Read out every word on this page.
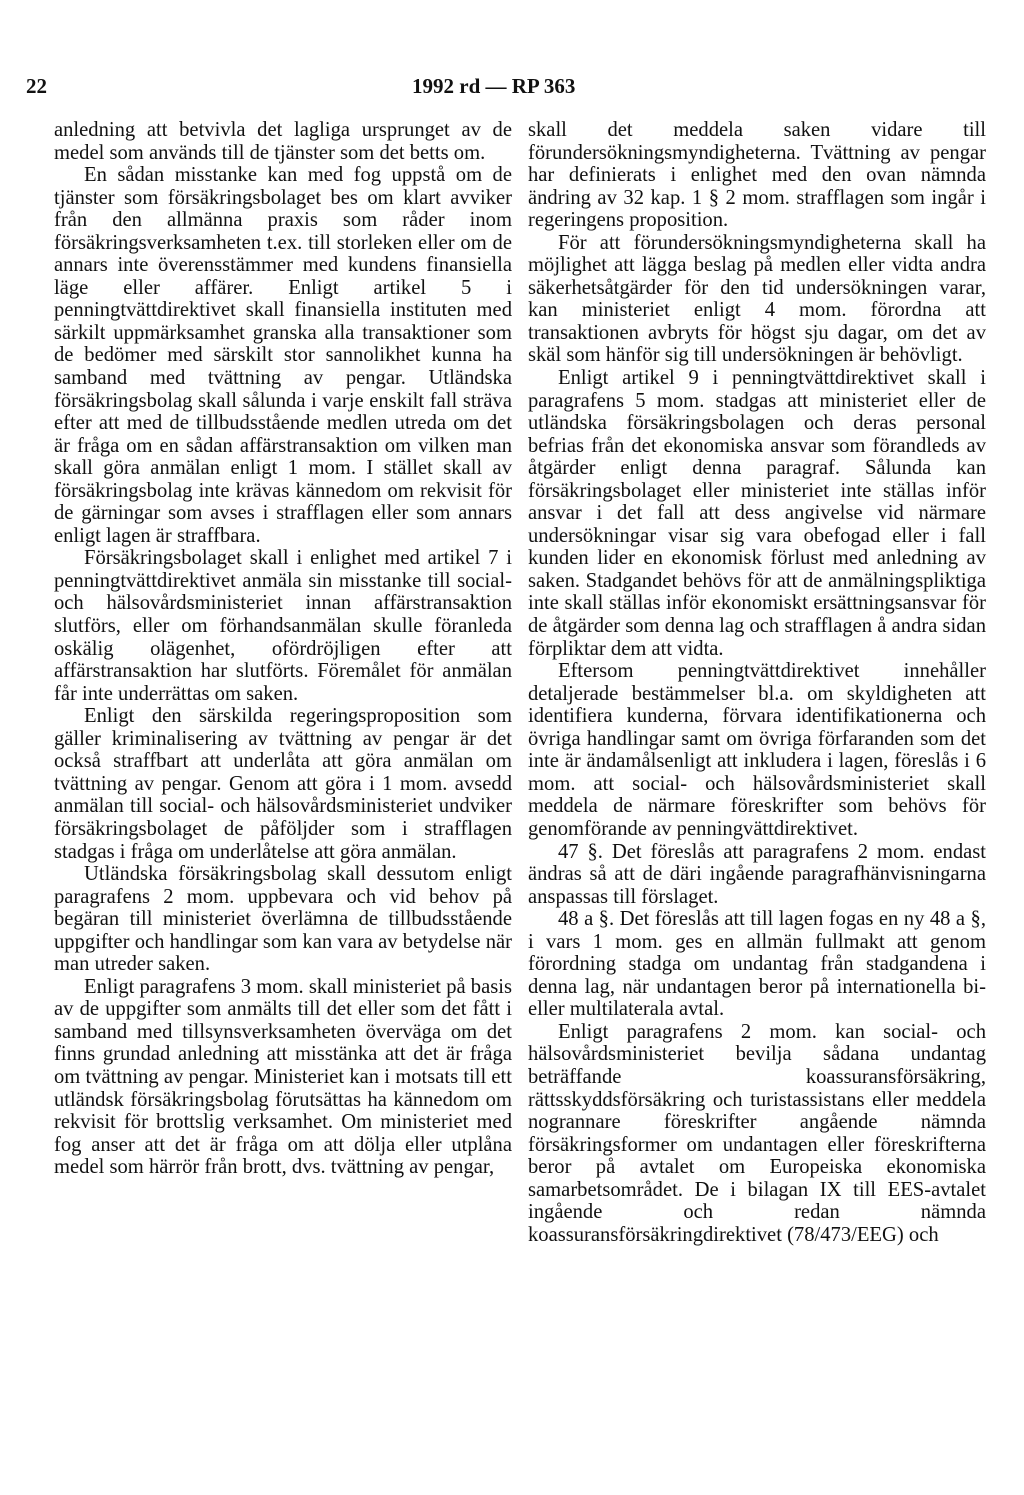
22	1992 rd — RP 363

anledning att betvivla det lagliga ursprunget av de medel som används till de tjänster som det betts om.

En sådan misstanke kan med fog uppstå om de tjänster som försäkringsbolaget bes om klart avviker från den allmänna praxis som råder inom försäkringsverksamheten t.ex. till storleken eller om de annars inte överensstämmer med kundens finansiella läge eller affärer. Enligt artikel 5 i penningtvättdirektivet skall finansiella instituten med särkilt uppmärksamhet granska alla transaktioner som de bedömer med särskilt stor sannolikhet kunna ha samband med tvättning av pengar. Utländska försäkringsbolag skall sålunda i varje enskilt fall sträva efter att med de tillbudsstående medlen utreda om det är fråga om en sådan affärstransaktion om vilken man skall göra anmälan enligt 1 mom. I stället skall av försäkringsbolag inte krävas kännedom om rekvisit för de gärningar som avses i strafflagen eller som annars enligt lagen är straffbara.

Försäkringsbolaget skall i enlighet med artikel 7 i penningtvättdirektivet anmäla sin misstanke till social- och hälsovårdsministeriet innan affärstransaktion slutförs, eller om förhandsanmälan skulle föranleda oskälig olägenhet, ofördröjligen efter att affärstransaktion har slutförts. Föremålet för anmälan får inte underrättas om saken.

Enligt den särskilda regeringsproposition som gäller kriminalisering av tvättning av pengar är det också straffbart att underlåta att göra anmälan om tvättning av pengar. Genom att göra i 1 mom. avsedd anmälan till social- och hälsovårdsministeriet undviker försäkringsbolaget de påföljder som i strafflagen stadgas i fråga om underlåtelse att göra anmälan.

Utländska försäkringsbolag skall dessutom enligt paragrafens 2 mom. uppbevara och vid behov på begäran till ministeriet överlämna de tillbudsstående uppgifter och handlingar som kan vara av betydelse när man utreder saken.

Enligt paragrafens 3 mom. skall ministeriet på basis av de uppgifter som anmälts till det eller som det fått i samband med tillsynsverksamheten överväga om det finns grundad anledning att misstänka att det är fråga om tvättning av pengar. Ministeriet kan i motsats till ett utländsk försäkringsbolag förutsättas ha kännedom om rekvisit för brottslig verksamhet. Om ministeriet med fog anser att det är fråga om att dölja eller utplåna medel som härrör från brott, dvs. tvättning av pengar,

skall det meddela saken vidare till förundersökningsmyndigheterna. Tvättning av pengar har definierats i enlighet med den ovan nämnda ändring av 32 kap. 1 § 2 mom. strafflagen som ingår i regeringens proposition.

För att förundersökningsmyndigheterna skall ha möjlighet att lägga beslag på medlen eller vidta andra säkerhetsåtgärder för den tid undersökningen varar, kan ministeriet enligt 4 mom. förordna att transaktionen avbryts för högst sju dagar, om det av skäl som hänför sig till undersökningen är behövligt.

Enligt artikel 9 i penningtvättdirektivet skall i paragrafens 5 mom. stadgas att ministeriet eller de utländska försäkringsbolagen och deras personal befrias från det ekonomiska ansvar som förandleds av åtgärder enligt denna paragraf. Sålunda kan försäkringsbolaget eller ministeriet inte ställas inför ansvar i det fall att dess angivelse vid närmare undersökningar visar sig vara obefogad eller i fall kunden lider en ekonomisk förlust med anledning av saken. Stadgandet behövs för att de anmälningspliktiga inte skall ställas inför ekonomiskt ersättningsansvar för de åtgärder som denna lag och strafflagen å andra sidan förpliktar dem att vidta.

Eftersom penningtvättdirektivet innehåller detaljerade bestämmelser bl.a. om skyldigheten att identifiera kunderna, förvara identifikationerna och övriga handlingar samt om övriga förfaranden som det inte är ändamålsenligt att inkludera i lagen, föreslås i 6 mom. att social- och hälsovårdsministeriet skall meddela de närmare föreskrifter som behövs för genomförande av penningvättdirektivet.

47 §. Det föreslås att paragrafens 2 mom. endast ändras så att de däri ingående paragrafhänvisningarna anspassas till förslaget.

48 a §. Det föreslås att till lagen fogas en ny 48 a §, i vars 1 mom. ges en allmän fullmakt att genom förordning stadga om undantag från stadgandena i denna lag, när undantagen beror på internationella bi- eller multilaterala avtal.

Enligt paragrafens 2 mom. kan social- och hälsovårdsministeriet bevilja sådana undantag beträffande koassuransförsäkring, rättsskyddsförsäkring och turistassistans eller meddela nogrannare föreskrifter angående nämnda försäkringsformer om undantagen eller föreskrifterna beror på avtalet om Europeiska ekonomiska samarbetsområdet. De i bilagan IX till EES-avtalet ingående och redan nämnda koassuransförsäkringdirektivet (78/473/EEG) och
